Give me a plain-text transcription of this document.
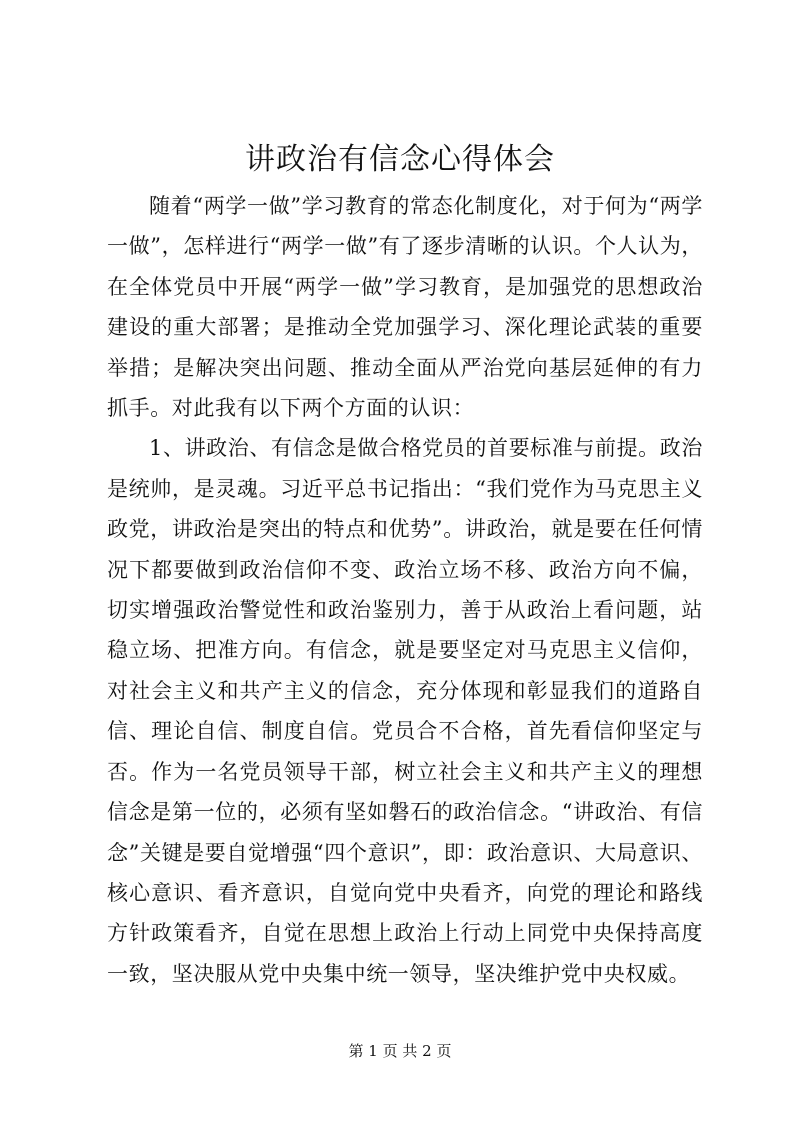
讲政治有信念心得体会

随着“两学一做”学习教育的常态化制度化，对于何为“两学一做”，怎样进行“两学一做”有了逐步清晰的认识。个人认为，在全体党员中开展“两学一做”学习教育，是加强党的思想政治建设的重大部署；是推动全党加强学习、深化理论武装的重要举措；是解决突出问题、推动全面从严治党向基层延伸的有力抓手。对此我有以下两个方面的认识：

1、讲政治、有信念是做合格党员的首要标准与前提。政治是统帅，是灵魂。习近平总书记指出：“我们党作为马克思主义政党，讲政治是突出的特点和优势”。讲政治，就是要在任何情况下都要做到政治信仰不变、政治立场不移、政治方向不偏，切实增强政治警觉性和政治鉴别力，善于从政治上看问题，站稳立场、把准方向。有信念，就是要坚定对马克思主义信仰，对社会主义和共产主义的信念，充分体现和彰显我们的道路自信、理论自信、制度自信。党员合不合格，首先看信仰坚定与否。作为一名党员领导干部，树立社会主义和共产主义的理想信念是第一位的，必须有坚如磐石的政治信念。“讲政治、有信念”关键是要自觉增强“四个意识”，即：政治意识、大局意识、核心意识、看齐意识，自觉向党中央看齐，向党的理论和路线方针政策看齐，自觉在思想上政治上行动上同党中央保持高度一致，坚决服从党中央集中统一领导，坚决维护党中央权威。

第 1 页 共 2 页
